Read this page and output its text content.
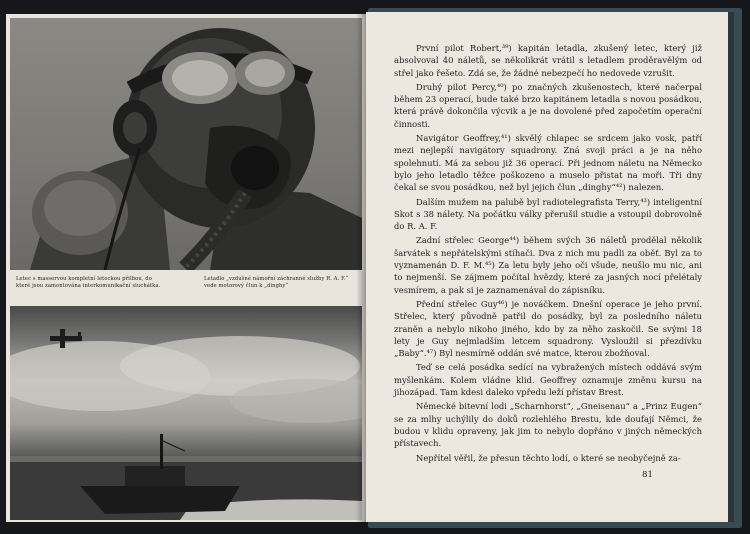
Letec s masservou kompletní leteckou přilbou, do které jsou zamontována interkomunikační sluchátka.
Letadlo „vzdušné námořní záchranné služby R. A. F.“ vede motorový člun k „dinghy“

První pilot Robert,³⁹) kapitán letadla, zkušený letec, který již absolvoval 40 náletů, se několikrát vrátil s letadlem proděravělým od střel jako řešeto. Zdá se, že žádné nebezpečí ho nedovede vzrušit.

Druhý pilot Percy,⁴⁰) po značných zkušenostech, které načerpal během 23 operací, bude také brzo kapitánem letadla s novou posádkou, která právě dokončila výcvik a je na dovolené před započetím operační činnosti.

Navigátor Geoffrey,⁴¹) skvělý chlapec se srdcem jako vosk, patří mezi nejlepší navigátory squadrony. Zná svoji práci a je na něho spolehnutí. Má za sebou již 36 operací. Při jednom náletu na Německo bylo jeho letadlo těžce poškozeno a muselo přistat na moři. Tři dny čekal se svou posádkou, než byl jejich člun „dinghy“⁴²) nalezen.

Dalším mužem na palubě byl radiotelegrafista Terry,⁴³) inteligentní Skot s 38 nálety. Na počátku války přerušil studie a vstoupil dobrovolně do R. A. F.

Zadní střelec George⁴⁴) během svých 36 náletů prodělal několik šarvátek s nepřátelskými stíhači. Dva z nich mu padli za oběť. Byl za to vyznamenán D. F. M.⁴⁵) Za letu byly jeho oči všude, neušlo mu nic, ani to nejmenší. Se zájmem počítal hvězdy, které za jasných nocí přelétaly vesmírem, a pak si je zaznamenával do zápisníku.

Přední střelec Guy⁴⁶) je nováčkem. Dnešní operace je jeho první. Střelec, který původně patřil do posádky, byl za posledního náletu zraněn a nebylo nikoho jiného, kdo by za něho zaskočil. Se svými 18 lety je Guy nejmladším letcem squadrony. Vysloužil si přezdívku „Baby“.⁴⁷) Byl nesmírně oddán své matce, kterou zbožňoval.

Teď se celá posádka sedící na vybražených místech oddává svým myšlenkám. Kolem vládne klid. Geoffrey oznamuje změnu kursu na jihozápad. Tam kdesi daleko vpředu leží přístav Brest.

Německé bitevní lodi „Scharnhorst“, „Gneisenau“ a „Prinz Eugen“ se za mlhy uchýlily do doků rozlehlého Brestu, kde doufají Němci, že budou v klidu opraveny, jak jim to nebylo dopřáno v jiných německých přístavech.

Nepřítel věřil, že přesun těchto lodí, o které se neobyčejně za-

81
